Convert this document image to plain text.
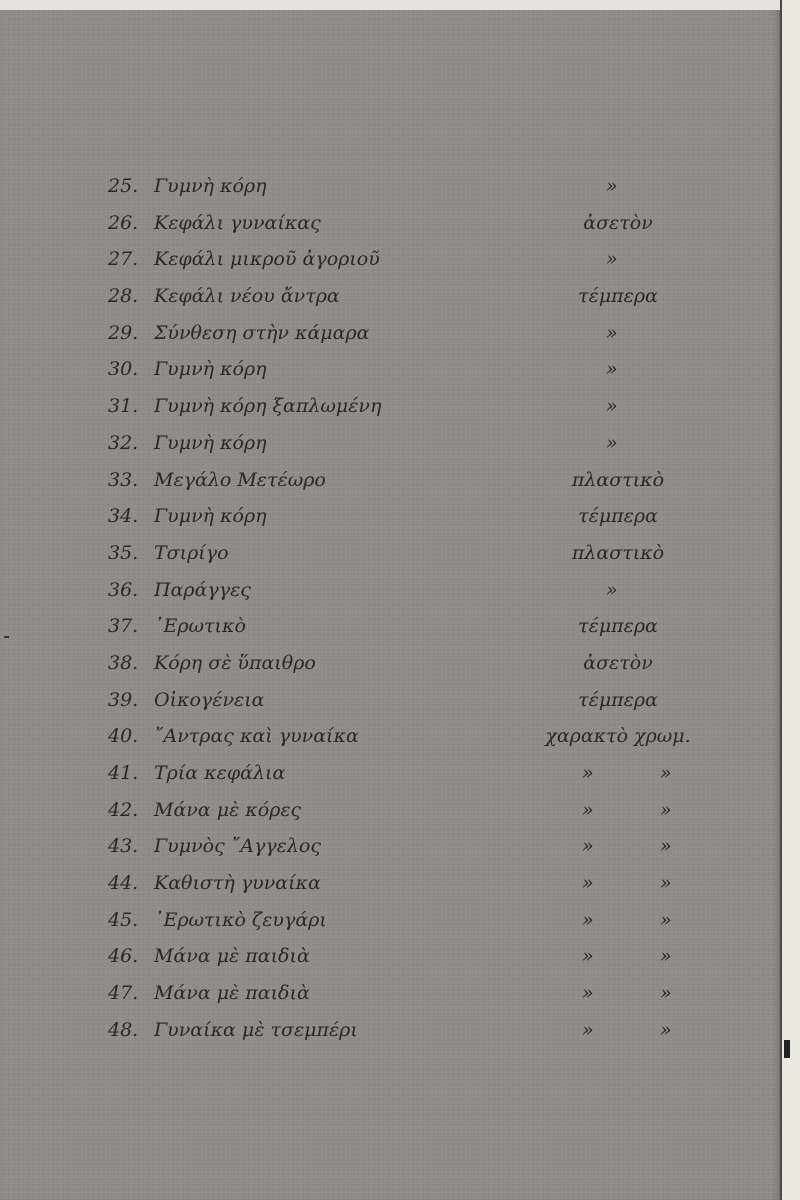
25. Γυμνὴ κόρη	»
26. Κεφάλι γυναίκας	ἀσετὸν
27. Κεφάλι μικροῦ ἀγοριοῦ	»
28. Κεφάλι νέου ἄντρα	τέμπερα
29. Σύνθεση στὴν κάμαρα	»
30. Γυμνὴ κόρη	»
31. Γυμνὴ κόρη ξαπλωμένη	»
32. Γυμνὴ κόρη	»
33. Μεγάλο Μετέωρο	πλαστικὸ
34. Γυμνὴ κόρη	τέμπερα
35. Τσιρίγο	πλαστικὸ
36. Παράγγες	»
37. ᾿Ερωτικὸ	τέμπερα
38. Κόρη σὲ ὕπαιθρο	ἀσετὸν
39. Οἰκογένεια	τέμπερα
40. ῎Αντρας καὶ γυναίκα	χαρακτὸ χρωμ.
41. Τρία κεφάλια	»	»
42. Μάνα μὲ κόρες	»	»
43. Γυμνὸς ῎Αγγελος	»	»
44. Καθιστὴ γυναίκα	»	»
45. ᾿Ερωτικὸ ζευγάρι	»	»
46. Μάνα μὲ παιδιὰ	»	»
47. Μάνα μὲ παιδιὰ	»	»
48. Γυναίκα μὲ τσεμπέρι	»	»
